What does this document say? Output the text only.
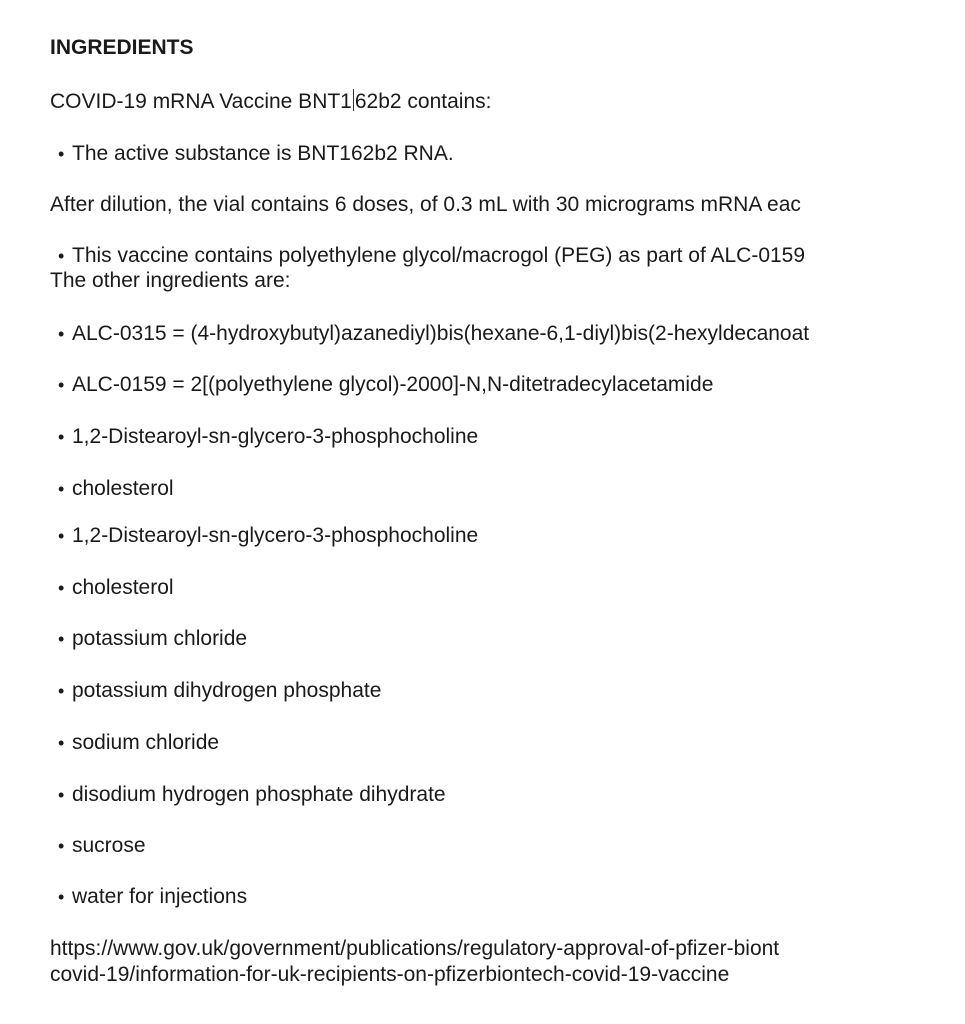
INGREDIENTS
COVID-19 mRNA Vaccine BNT1 62b2 contains:
• The active substance is BNT162b2 RNA.
After dilution, the vial contains 6 doses, of 0.3 mL with 30 micrograms mRNA eac
• This vaccine contains polyethylene glycol/macrogol (PEG) as part of ALC-0159
The other ingredients are:
• ALC-0315 = (4-hydroxybutyl)azanediyl)bis(hexane-6,1-diyl)bis(2-hexyldecanoat
• ALC-0159 = 2[(polyethylene glycol)-2000]-N,N-ditetradecylacetamide
• 1,2-Distearoyl-sn-glycero-3-phosphocholine
• cholesterol
• 1,2-Distearoyl-sn-glycero-3-phosphocholine
• cholesterol
• potassium chloride
• potassium dihydrogen phosphate
• sodium chloride
• disodium hydrogen phosphate dihydrate
• sucrose
• water for injections
https://www.gov.uk/government/publications/regulatory-approval-of-pfizer-biont
covid-19/information-for-uk-recipients-on-pfizerbiontech-covid-19-vaccine
